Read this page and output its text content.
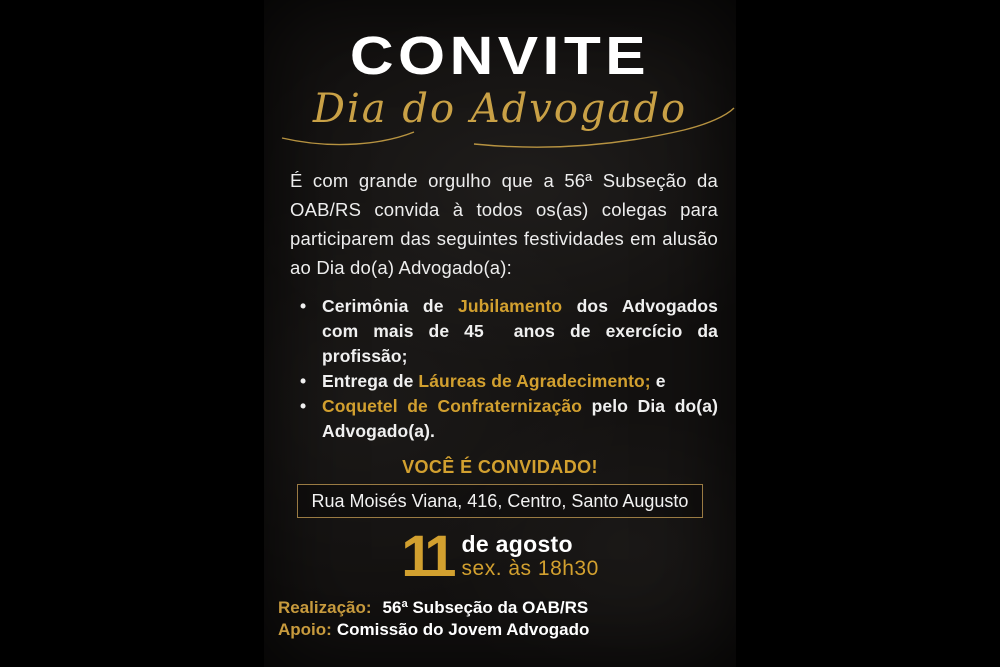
CONVITE
Dia do Advogado

É com grande orgulho que a 56ª Subseção da OAB/RS convida à todos os(as) colegas para participarem das seguintes festividades em alusão ao Dia do(a) Advogado(a):

• Cerimônia de Jubilamento dos Advogados com mais de 45  anos de exercício da profissão;
• Entrega de Láureas de Agradecimento; e
• Coquetel de Confraternização pelo Dia do(a) Advogado(a).
VOCÊ É CONVIDADO!
Rua Moisés Viana, 416, Centro, Santo Augusto
11 de agosto
sex. às 18h30
Realização: 56ª Subseção da OAB/RS
Apoio: Comissão do Jovem Advogado
